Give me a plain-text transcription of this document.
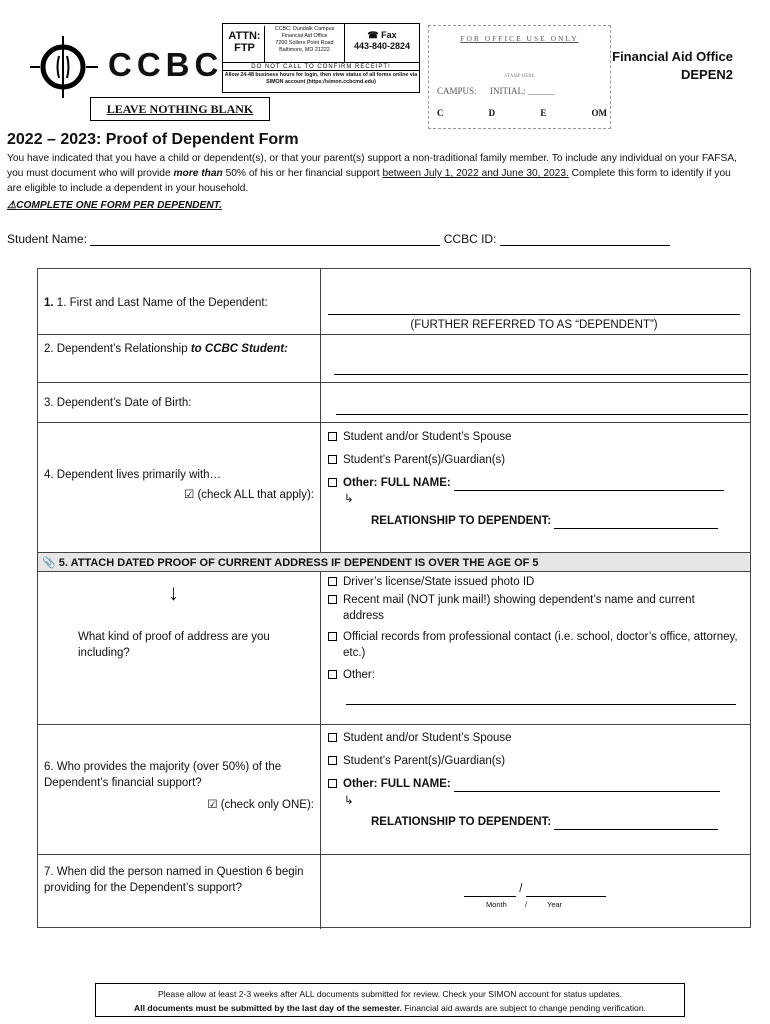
CCBC
ATTN:
FTP
CCBC: Dundalk Campus
Financial Aid Office
7200 Sollers Point Road
Baltimore, MD 21222
☎ Fax
443-840-2824
DO NOT CALL TO CONFIRM RECEIPT!
Allow 24-48 business hours for login, then view status of all forms online via SIMON account (https://simon.ccbcmd.edu)
FOR OFFICE USE ONLY
STAMP HERE
CAMPUS: INITIAL: ______
C	D	E	OM
Financial Aid Office
DEPEN2
LEAVE NOTHING BLANK
2022 – 2023: Proof of Dependent Form
You have indicated that you have a child or dependent(s), or that your parent(s) support a non-traditional family member. To include any individual on your FAFSA, you must document who will provide more than 50% of his or her financial support between July 1, 2022 and June 30, 2023. Complete this form to identify if you are eligible to include a dependent in your household.
⚠COMPLETE ONE FORM PER DEPENDENT.
Student Name:	CCBC ID:
1. 1. First and Last Name of the Dependent:
(FURTHER REFERRED TO AS “DEPENDENT”)
2. Dependent’s Relationship to CCBC Student:
3. Dependent’s Date of Birth:
4. Dependent lives primarily with…
☑ (check ALL that apply):
Student and/or Student’s Spouse
Student’s Parent(s)/Guardian(s)
Other: FULL NAME:
↳
RELATIONSHIP TO DEPENDENT:
📎 5. ATTACH DATED PROOF OF CURRENT ADDRESS IF DEPENDENT IS OVER THE AGE OF 5
↓
What kind of proof of address are you including?
Driver’s license/State issued photo ID
Recent mail (NOT junk mail!) showing dependent’s name and current address
Official records from professional contact (i.e. school, doctor’s office, attorney, etc.)
Other:
6. Who provides the majority (over 50%) of the Dependent’s financial support?
☑ (check only ONE):
Student and/or Student’s Spouse
Student’s Parent(s)/Guardian(s)
Other: FULL NAME:
↳
RELATIONSHIP TO DEPENDENT:
7. When did the person named in Question 6 begin providing for the Dependent’s support?	/
Month /	Year
Please allow at least 2-3 weeks after ALL documents submitted for review. Check your SIMON account for status updates.
All documents must be submitted by the last day of the semester. Financial aid awards are subject to change pending verification.
